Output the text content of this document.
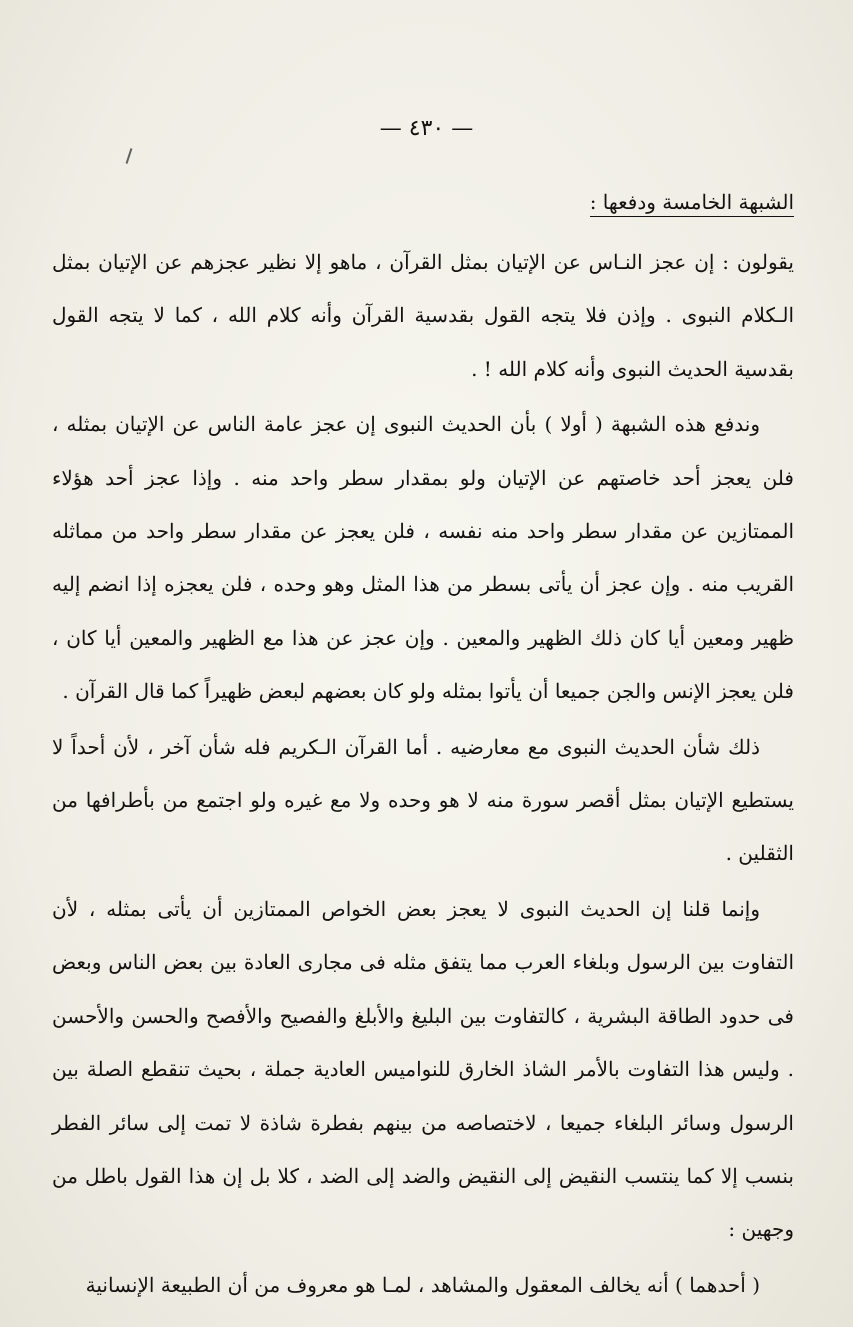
— ٤٣٠ —
الشبهة الخامسة ودفعها :

يقولون : إن عجز النـاس عن الإتيان بمثل القرآن ، ماهو إلا نظير عجزهم عن الإتيان بمثل الـكلام النبوى . وإذن فلا يتجه القول بقدسية القرآن وأنه كلام الله ، كما لا يتجه القول بقدسية الحديث النبوى وأنه كلام الله ! .

وندفع هذه الشبهة ( أولا ) بأن الحديث النبوى إن عجز عامة الناس عن الإتيان بمثله ، فلن يعجز أحد خاصتهم عن الإتيان ولو بمقدار سطر واحد منه . وإذا عجز أحد هؤلاء الممتازين عن مقدار سطر واحد منه نفسه ، فلن يعجز عن مقدار سطر واحد من مماثله القريب منه . وإن عجز أن يأتى بسطر من هذا المثل وهو وحده ، فلن يعجزه إذا انضم إليه ظهير ومعين أيا كان ذلك الظهير والمعين . وإن عجز عن هذا مع الظهير والمعين أيا كان ، فلن يعجز الإنس والجن جميعا أن يأتوا بمثله ولو كان بعضهم لبعض ظهيراً كما قال القرآن .

ذلك شأن الحديث النبوى مع معارضيه . أما القرآن الـكريم فله شأن آخر ، لأن أحداً لا يستطيع الإتيان بمثل أقصر سورة منه لا هو وحده ولا مع غيره ولو اجتمع من بأطرافها من الثقلين .

وإنما قلنا إن الحديث النبوى لا يعجز بعض الخواص الممتازين أن يأتى بمثله ، لأن التفاوت بين الرسول وبلغاء العرب مما يتفق مثله فى مجارى العادة بين بعض الناس وبعض فى حدود الطاقة البشرية ، كالتفاوت بين البليغ والأبلغ والفصيح والأفصح والحسن والأحسن . وليس هذا التفاوت بالأمر الشاذ الخارق للنواميس العادية جملة ، بحيث تنقطع الصلة بين الرسول وسائر البلغاء جميعا ، لاختصاصه من بينهم بفطرة شاذة لا تمت إلى سائر الفطر بنسب إلا كما ينتسب النقيض إلى النقيض والضد إلى الضد ، كلا بل إن هذا القول باطل من وجهين :

( أحدهما ) أنه يخالف المعقول والمشاهد ، لمـا هو معروف من أن الطبيعة الإنسانية
